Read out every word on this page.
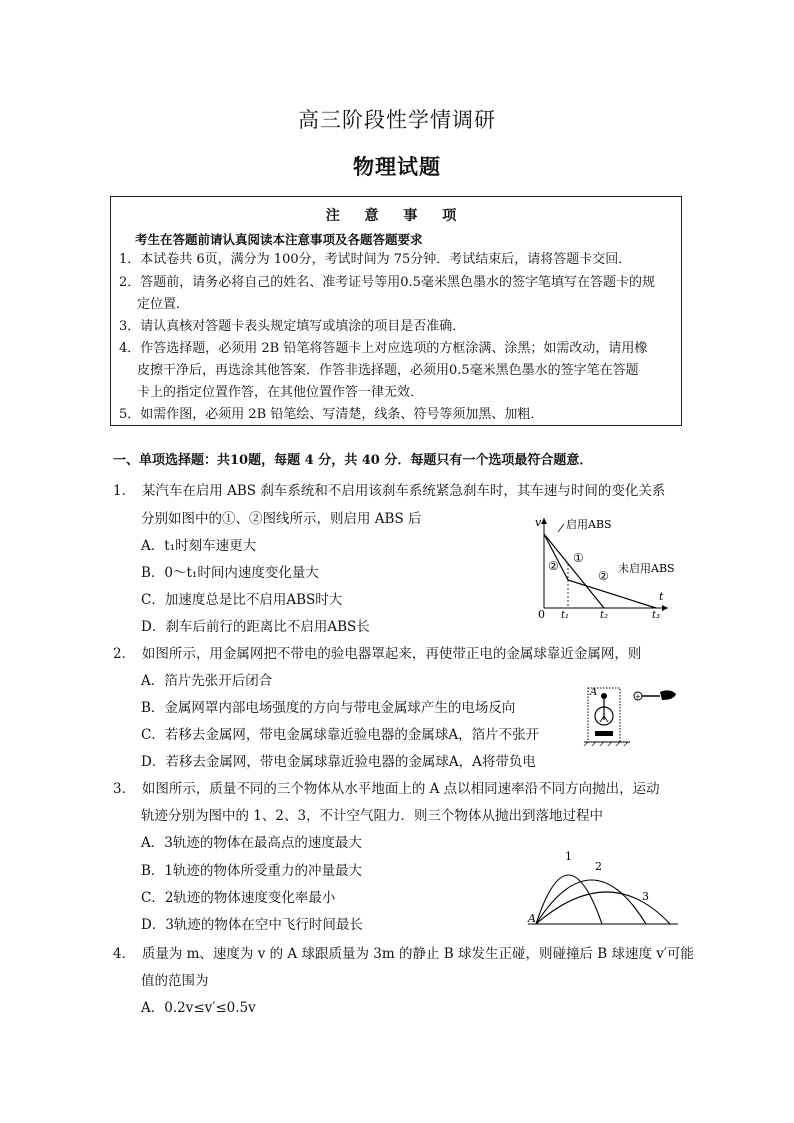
高三阶段性学情调研
物理试题
注 意 事 项
考生在答题前请认真阅读本注意事项及各题答题要求
1．本试卷共 6页，满分为 100分，考试时间为 75分钟．考试结束后，请将答题卡交回．
2．答题前，请务必将自己的姓名、准考证号等用0.5毫米黑色墨水的签字笔填写在答题卡的规
定位置．
3．请认真核对答题卡表头规定填写或填涂的项目是否准确．
4．作答选择题，必须用 2B 铅笔将答题卡上对应选项的方框涂满、涂黑；如需改动，请用橡
皮擦干净后，再选涂其他答案．作答非选择题，必须用0.5毫米黑色墨水的签字笔在答题
卡上的指定位置作答，在其他位置作答一律无效．
5．如需作图，必须用 2B 铅笔绘、写清楚，线条、符号等须加黑、加粗．
一、单项选择题：共10题，每题 4 分，共 40 分．每题只有一个选项最符合题意．
1．　某汽车在启用 ABS 刹车系统和不启用该刹车系统紧急刹车时，其车速与时间的变化关系
分别如图中的①、②图线所示，则启用 ABS 后
A．t₁时刻车速更大
B．0～t₁时间内速度变化量大
C．加速度总是比不启用ABS时大
D．刹车后前行的距离比不启用ABS长
v
t
0 t₁	t₂	t₃
启用ABS
①
②
②
未启用ABS
2．　如图所示，用金属网把不带电的验电器罩起来，再使带正电的金属球靠近金属网，则
A．箔片先张开后闭合
B．金属网罩内部电场强度的方向与带电金属球产生的电场反向
C．若移去金属网，带电金属球靠近验电器的金属球A，箔片不张开
D．若移去金属网，带电金属球靠近验电器的金属球A，A将带负电
A	+
3．　如图所示，质量不同的三个物体从水平地面上的 A 点以相同速率沿不同方向抛出，运动
轨迹分别为图中的 1、2、3，不计空气阻力．则三个物体从抛出到落地过程中
A．3轨迹的物体在最高点的速度最大
B．1轨迹的物体所受重力的冲量最大
C．2轨迹的物体速度变化率最小
D．3轨迹的物体在空中飞行时间最长	A
1
2
3
4．　质量为 m、速度为 v 的 A 球跟质量为 3m 的静止 B 球发生正碰，则碰撞后 B 球速度 v′可能
值的范围为
A．0.2v≤v′≤0.5v
